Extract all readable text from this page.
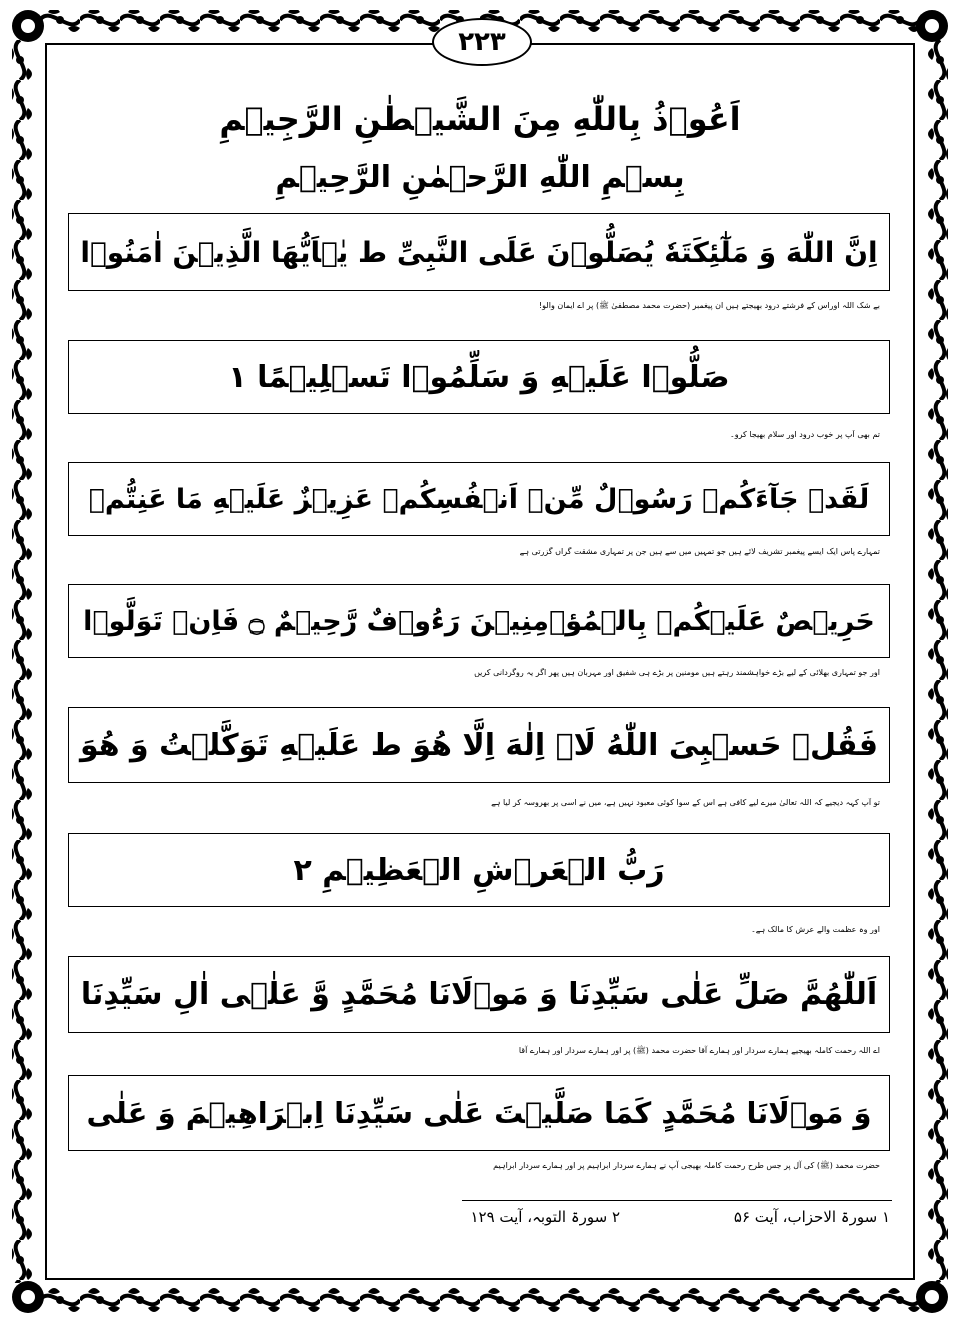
۲۲۳
اَعُوۡذُ بِاللّٰهِ مِنَ الشَّيۡطٰنِ الرَّجِيۡمِ
بِسۡمِ اللّٰهِ الرَّحۡمٰنِ الرَّحِيۡمِ
اِنَّ اللّٰهَ وَ مَلٰٓئِكَتَهٗ يُصَلُّوۡنَ عَلَى النَّبِىِّ ط يٰۤاَيُّهَا الَّذِيۡنَ اٰمَنُوۡا
بے شک اللہ اوراس کے فرشتے درود بھیجتے ہیں ان پیغمبر (حضرت محمد مصطفیٰ ﷺ) پر اے ایمان والو!
صَلُّوۡا عَلَيۡهِ وَ سَلِّمُوۡا تَسۡلِيۡمًا ۱
تم بھی آپ پر خوب درود اور سلام بھیجا کرو۔
لَقَدۡ جَآءَكُمۡ رَسُوۡلٌ مِّنۡ اَنۡفُسِكُمۡ عَزِيۡزٌ عَلَيۡهِ مَا عَنِتُّمۡ
تمہارے پاس ایک ایسے پیغمبر تشریف لائے ہیں جو تمہیں میں سے ہیں جن پر تمہاری مشقت گراں گزرتی ہے
حَرِيۡصٌ عَلَيۡكُمۡ بِالۡمُؤۡمِنِيۡنَ رَءُوۡفٌ رَّحِيۡمٌ ۝ فَاِنۡ تَوَلَّوۡا
اور جو تمہاری بھلائی کے لیے بڑے خواہشمند رہتے ہیں مومنین پر بڑے ہی شفیق اور مہربان ہیں پھر اگر یہ روگردانی کریں
فَقُلۡ حَسۡبِىَ اللّٰهُ لَاۤ اِلٰهَ اِلَّا هُوَ ط عَلَيۡهِ تَوَكَّلۡتُ وَ هُوَ
تو آپ کہہ دیجیے کہ اللہ تعالیٰ میرے لیے کافی ہے اس کے سوا کوئی معبود نہیں ہے، میں نے اسی پر بھروسہ کر لیا ہے
رَبُّ الۡعَرۡشِ الۡعَظِيۡمِ ۲
اور وہ عظمت والے عرش کا مالک ہے۔
اَللّٰهُمَّ صَلِّ عَلٰى سَيِّدِنَا وَ مَوۡلَانَا مُحَمَّدٍ وَّ عَلٰۤى اٰلِ سَيِّدِنَا
اے اللہ رحمت کاملہ بھیجیے ہمارے سردار اور ہمارے آقا حضرت محمد (ﷺ) پر اور ہمارے سردار اور ہمارے آقا
وَ مَوۡلَانَا مُحَمَّدٍ كَمَا صَلَّيۡتَ عَلٰى سَيِّدِنَا اِبۡرَاهِيۡمَ وَ عَلٰى
حضرت محمد (ﷺ) کی آل پر جس طرح رحمت کاملہ بھیجی آپ نے ہمارے سردار ابراہیم پر اور ہمارے سردار ابراہیم
۱ سورۃ الاحزاب، آیت ۵۶
۲ سورۃ التوبہ، آیت ۱۲۹
